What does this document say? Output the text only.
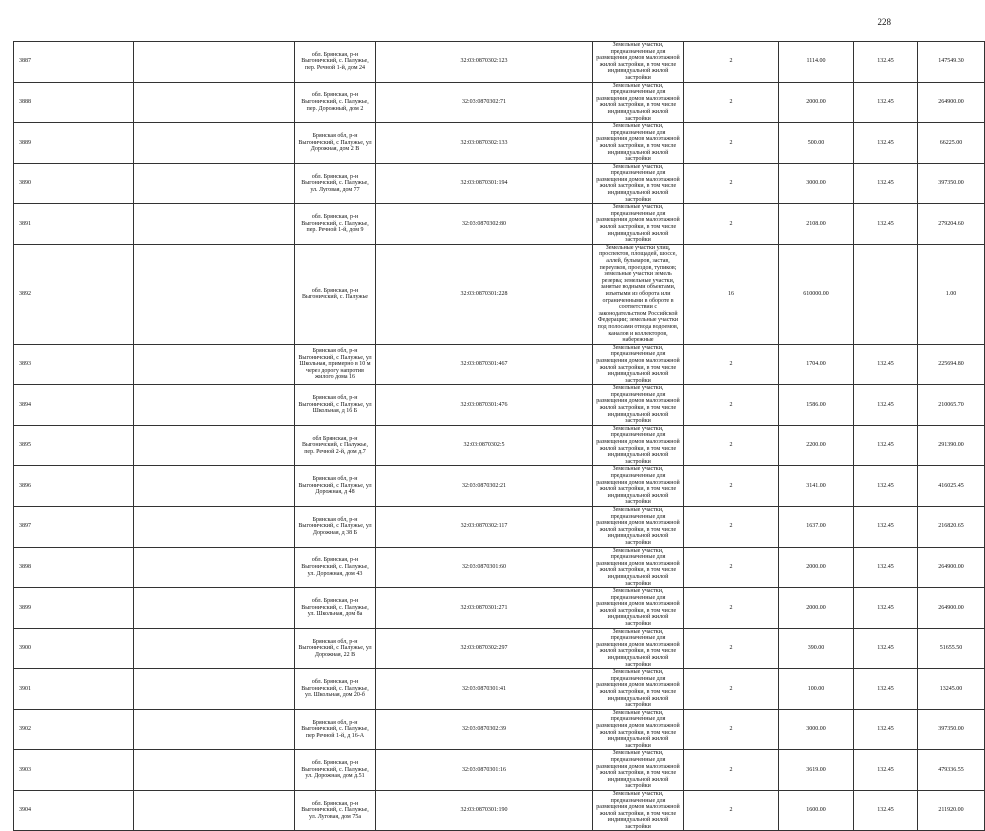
228
3887		обл. Брянская, р-н Выгоничский, с. Палужье, пер. Речной 1-й, дом 24	32:03:0870302:123	Земельные участки, предназначенные для размещения домов малоэтажной жилой застройки, в том числе индивидуальной жилой застройки	2	1114.00	132.45	147549.30
3888		обл. Брянская, р-н Выгоничский, с. Палужье, пер. Дорожный, дом 2	32:03:0870302:71	Земельные участки, предназначенные для размещения домов малоэтажной жилой застройки, в том числе индивидуальной жилой застройки	2	2000.00	132.45	264900.00
3889		Брянская обл, р-н Выгоничский, с Палужье, ул Дорожная, дом 2 В	32:03:0870302:133	Земельные участки, предназначенные для размещения домов малоэтажной жилой застройки, в том числе индивидуальной жилой застройки	2	500.00	132.45	66225.00
3890		обл. Брянская, р-н Выгоничский, с. Палужье, ул. Луговая, дом 77	32:03:0870301:194	Земельные участки, предназначенные для размещения домов малоэтажной жилой застройки, в том числе индивидуальной жилой застройки	2	3000.00	132.45	397350.00
3891		обл. Брянская, р-н Выгоничский, с. Палужье, пер. Речной 1-й, дом 9	32:03:0870302:80	Земельные участки, предназначенные для размещения домов малоэтажной жилой застройки, в том числе индивидуальной жилой застройки	2	2108.00	132.45	279204.60
3892		обл. Брянская, р-н Выгоничский, с. Палужье	32:03:0870301:228	Земельные участки улиц, проспектов, площадей, шоссе, аллей, бульваров, застав, переулков, проездов, тупиков; земельные участки земель резерва; земельные участки, занятые водными объектами, изъятыми из оборота или ограниченными в обороте в соответствии с законодательством Российской Федерации; земельные участки под полосами отвода водоемов, каналов и коллекторов, набережные	16	610000.00		1.00
3893		Брянская обл, р-н Выгоничский, с Палужье, ул Школьная, примерно в 10 м через дорогу напротив жилого дома 16	32:03:0870301:467	Земельные участки, предназначенные для размещения домов малоэтажной жилой застройки, в том числе индивидуальной жилой застройки	2	1704.00	132.45	225694.80
3894		Брянская обл, р-н Выгоничский, с Палужье, ул Школьная, д 16 Б	32:03:0870301:476	Земельные участки, предназначенные для размещения домов малоэтажной жилой застройки, в том числе индивидуальной жилой застройки	2	1586.00	132.45	210065.70
3895		обл Брянская, р-н Выгоничский, с Палужье, пер. Речной 2-й, дом д.7	32:03:0870302:5	Земельные участки, предназначенные для размещения домов малоэтажной жилой застройки, в том числе индивидуальной жилой застройки	2	2200.00	132.45	291390.00
3896		Брянская обл, р-н Выгоничский, с Палужье, ул Дорожная, д 48	32:03:0870302:21	Земельные участки, предназначенные для размещения домов малоэтажной жилой застройки, в том числе индивидуальной жилой застройки	2	3141.00	132.45	416025.45
3897		Брянская обл, р-н Выгоничский, с Палужье, ул Дорожная, д 38 Б	32:03:0870302:117	Земельные участки, предназначенные для размещения домов малоэтажной жилой застройки, в том числе индивидуальной жилой застройки	2	1637.00	132.45	216820.65
3898		обл. Брянская, р-н Выгоничский, с. Палужье, ул. Дорожная, дом 43	32:03:0870301:60	Земельные участки, предназначенные для размещения домов малоэтажной жилой застройки, в том числе индивидуальной жилой застройки	2	2000.00	132.45	264900.00
3899		обл. Брянская, р-н Выгоничский, с. Палужье, ул. Школьная, дом 8а	32:03:0870301:271	Земельные участки, предназначенные для размещения домов малоэтажной жилой застройки, в том числе индивидуальной жилой застройки	2	2000.00	132.45	264900.00
3900		Брянская обл, р-н Выгоничский, с Палужье, ул Дорожная, 22 В	32:03:0870302:297	Земельные участки, предназначенные для размещения домов малоэтажной жилой застройки, в том числе индивидуальной жилой застройки	2	390.00	132.45	51655.50
3901		обл. Брянская, р-н Выгоничский, с. Палужье, ул. Школьная, дом 20-б	32:03:0870301:41	Земельные участки, предназначенные для размещения домов малоэтажной жилой застройки, в том числе индивидуальной жилой застройки	2	100.00	132.45	13245.00
3902		Брянская обл, р-н Выгоничский, с. Палужье, пер Речной 1-й, д 16-А	32:03:0870302:39	Земельные участки, предназначенные для размещения домов малоэтажной жилой застройки, в том числе индивидуальной жилой застройки	2	3000.00	132.45	397350.00
3903		обл. Брянская, р-н Выгоничский, с. Палужье, ул. Дорожная, дом д.51	32:03:0870301:16	Земельные участки, предназначенные для размещения домов малоэтажной жилой застройки, в том числе индивидуальной жилой застройки	2	3619.00	132.45	479336.55
3904		обл. Брянская, р-н Выгоничский, с. Палужье, ул. Луговая, дом 75а	32:03:0870301:190	Земельные участки, предназначенные для размещения домов малоэтажной жилой застройки, в том числе индивидуальной жилой застройки	2	1600.00	132.45	211920.00
